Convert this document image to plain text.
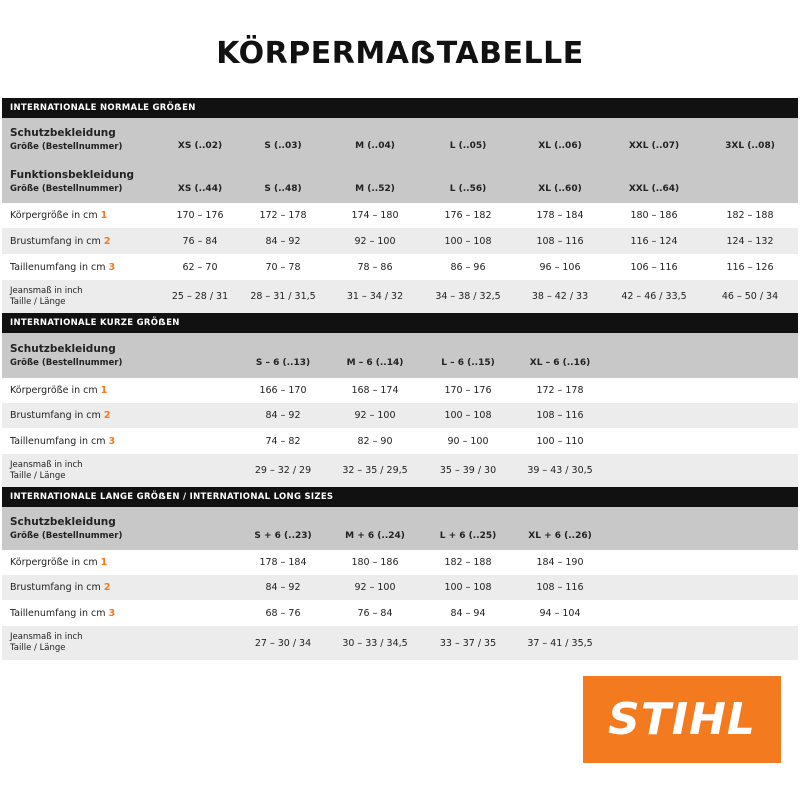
KÖRPERMAẞTABELLE
INTERNATIONALE NORMALE GRÖẞEN
Schutzbekleidung
Größe (Bestellnummer)	XS (..02)	S (..03)	M (..04)	L (..05)	XL (..06)	XXL (..07)	3XL (..08)

Funktionsbekleidung
Größe (Bestellnummer)	XS (..44)	S (..48)	M (..52)	L (..56)	XL (..60)	XXL (..64)	
Körpergröße in cm 1	170 – 176	172 – 178	174 – 180	176 – 182	178 – 184	180 – 186	182 – 188
Brustumfang in cm 2	76 – 84	84 – 92	92 – 100	100 – 108	108 – 116	116 – 124	124 – 132
Taillenumfang in cm 3	62 – 70	70 – 78	78 – 86	86 – 96	96 – 106	106 – 116	116 – 126

Jeansmaß in inch
Taille / Länge	25 – 28 / 31	28 – 31 / 31,5	31 – 34 / 32	34 – 38 / 32,5	38 – 42 / 33	42 – 46 / 33,5	46 – 50 / 34
INTERNATIONALE KURZE GRÖẞEN
Schutzbekleidung
Größe (Bestellnummer)		S – 6 (..13)	M – 6 (..14)	L – 6 (..15)	XL – 6 (..16)		
Körpergröße in cm 1		166 – 170	168 – 174	170 – 176	172 – 178		
Brustumfang in cm 2		84 – 92	92 – 100	100 – 108	108 – 116		
Taillenumfang in cm 3		74 – 82	82 – 90	90 – 100	100 – 110		

Jeansmaß in inch
Taille / Länge		29 – 32 / 29	32 – 35 / 29,5	35 – 39 / 30	39 – 43 / 30,5		
INTERNATIONALE LANGE GRÖẞEN / INTERNATIONAL LONG SIZES
Schutzbekleidung
Größe (Bestellnummer)		S + 6 (..23)	M + 6 (..24)	L + 6 (..25)	XL + 6 (..26)		
Körpergröße in cm 1		178 – 184	180 – 186	182 – 188	184 – 190		
Brustumfang in cm 2		84 – 92	92 – 100	100 – 108	108 – 116		
Taillenumfang in cm 3		68 – 76	76 – 84	84 – 94	94 – 104		

Jeansmaß in inch
Taille / Länge		27 – 30 / 34	30 – 33 / 34,5	33 – 37 / 35	37 – 41 / 35,5		
STIHL
